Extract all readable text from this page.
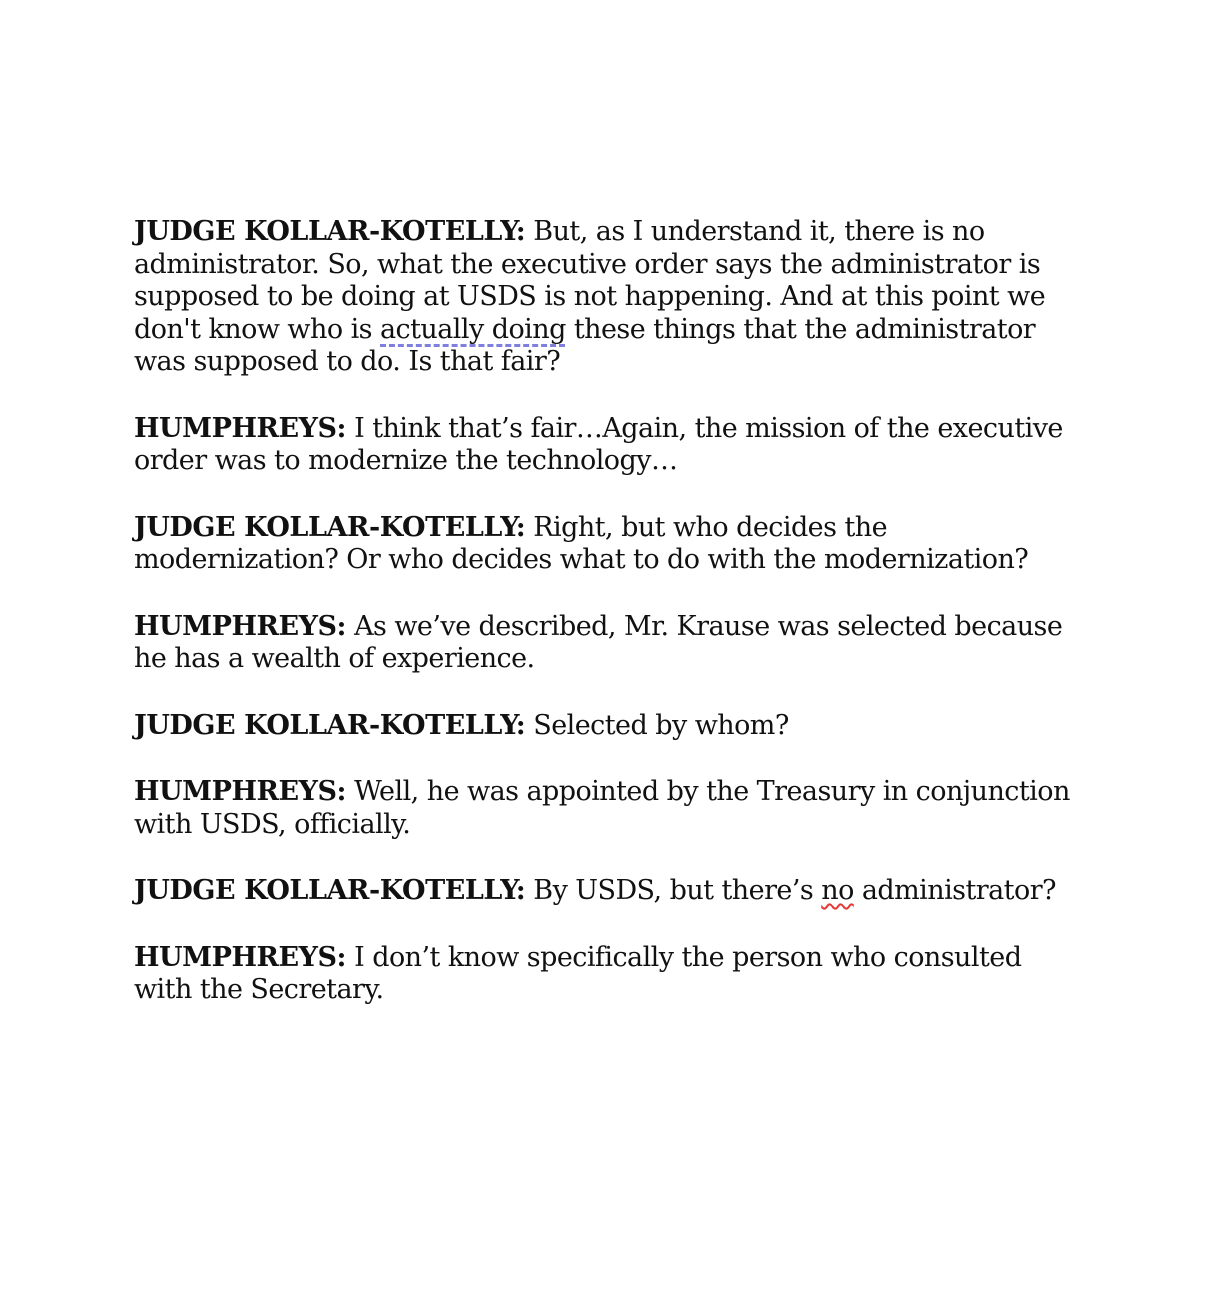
JUDGE KOLLAR-KOTELLY: But, as I understand it, there is no administrator. So, what the executive order says the administrator is supposed to be doing at USDS is not happening. And at this point we don't know who is actually doing these things that the administrator was supposed to do. Is that fair?

HUMPHREYS: I think that’s fair…Again, the mission of the executive order was to modernize the technology…

JUDGE KOLLAR-KOTELLY: Right, but who decides the modernization? Or who decides what to do with the modernization?

HUMPHREYS: As we’ve described, Mr. Krause was selected because he has a wealth of experience.

JUDGE KOLLAR-KOTELLY: Selected by whom?

HUMPHREYS: Well, he was appointed by the Treasury in conjunction with USDS, officially.

JUDGE KOLLAR-KOTELLY: By USDS, but there’s no administrator?

HUMPHREYS: I don’t know specifically the person who consulted with the Secretary.
